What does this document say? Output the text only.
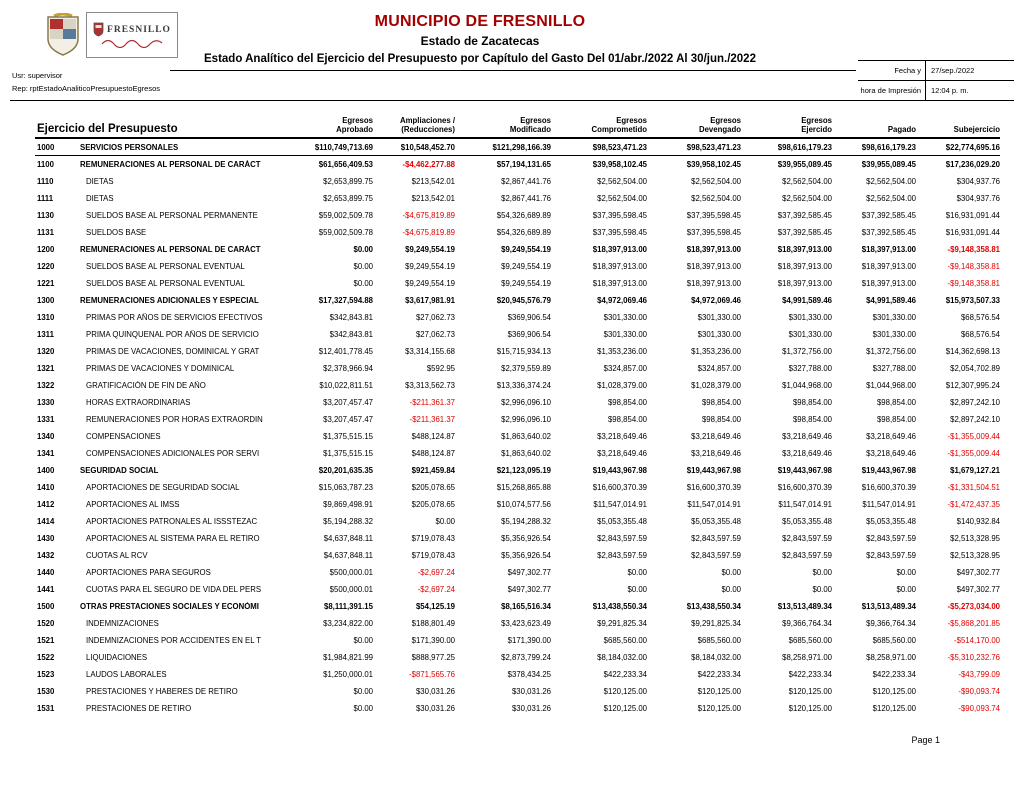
FRESNILLO	MUNICIPIO DE FRESNILLO
Estado de Zacatecas
Estado Analítico del Ejercicio del Presupuesto por Capítulo del Gasto Del 01/abr./2022 Al 30/jun./2022
Usr: supervisor
Rep: rptEstadoAnaliticoPresupuestoEgresos
Fecha y	27/sep./2022
hora de Impresión	12:04 p. m.
Ejercicio del Presupuesto
Egresos
Aprobado
Ampliaciones /
(Reducciones)
Egresos
Modificado
Egresos
Comprometido
Egresos
Devengado
Egresos
Ejercido	Pagado	Subejercicio
1000	SERVICIOS PERSONALES	$110,749,713.69	$10,548,452.70	$121,298,166.39	$98,523,471.23	$98,523,471.23	$98,616,179.23	$98,616,179.23	$22,774,695.16
1100	REMUNERACIONES AL PERSONAL DE CARÁCT	$61,656,409.53	-$4,462,277.88	$57,194,131.65	$39,958,102.45	$39,958,102.45	$39,955,089.45	$39,955,089.45	$17,236,029.20
1110	DIETAS	$2,653,899.75	$213,542.01	$2,867,441.76	$2,562,504.00	$2,562,504.00	$2,562,504.00	$2,562,504.00	$304,937.76
1111	DIETAS	$2,653,899.75	$213,542.01	$2,867,441.76	$2,562,504.00	$2,562,504.00	$2,562,504.00	$2,562,504.00	$304,937.76
1130	SUELDOS BASE AL PERSONAL PERMANENTE	$59,002,509.78	-$4,675,819.89	$54,326,689.89	$37,395,598.45	$37,395,598.45	$37,392,585.45	$37,392,585.45	$16,931,091.44
1131	SUELDOS BASE	$59,002,509.78	-$4,675,819.89	$54,326,689.89	$37,395,598.45	$37,395,598.45	$37,392,585.45	$37,392,585.45	$16,931,091.44
1200	REMUNERACIONES AL PERSONAL DE CARÁCT	$0.00	$9,249,554.19	$9,249,554.19	$18,397,913.00	$18,397,913.00	$18,397,913.00	$18,397,913.00	-$9,148,358.81
1220	SUELDOS BASE AL PERSONAL EVENTUAL	$0.00	$9,249,554.19	$9,249,554.19	$18,397,913.00	$18,397,913.00	$18,397,913.00	$18,397,913.00	-$9,148,358.81
1221	SUELDOS BASE AL PERSONAL EVENTUAL	$0.00	$9,249,554.19	$9,249,554.19	$18,397,913.00	$18,397,913.00	$18,397,913.00	$18,397,913.00	-$9,148,358.81
1300	REMUNERACIONES ADICIONALES Y ESPECIAL	$17,327,594.88	$3,617,981.91	$20,945,576.79	$4,972,069.46	$4,972,069.46	$4,991,589.46	$4,991,589.46	$15,973,507.33
1310	PRIMAS POR AÑOS DE SERVICIOS EFECTIVOS	$342,843.81	$27,062.73	$369,906.54	$301,330.00	$301,330.00	$301,330.00	$301,330.00	$68,576.54
1311	PRIMA QUINQUENAL POR AÑOS DE SERVICIO	$342,843.81	$27,062.73	$369,906.54	$301,330.00	$301,330.00	$301,330.00	$301,330.00	$68,576.54
1320	PRIMAS DE VACACIONES, DOMINICAL Y GRAT	$12,401,778.45	$3,314,155.68	$15,715,934.13	$1,353,236.00	$1,353,236.00	$1,372,756.00	$1,372,756.00	$14,362,698.13
1321	PRIMAS DE VACACIONES Y DOMINICAL	$2,378,966.94	$592.95	$2,379,559.89	$324,857.00	$324,857.00	$327,788.00	$327,788.00	$2,054,702.89
1322	GRATIFICACIÓN DE FIN DE AÑO	$10,022,811.51	$3,313,562.73	$13,336,374.24	$1,028,379.00	$1,028,379.00	$1,044,968.00	$1,044,968.00	$12,307,995.24
1330	HORAS EXTRAORDINARIAS	$3,207,457.47	-$211,361.37	$2,996,096.10	$98,854.00	$98,854.00	$98,854.00	$98,854.00	$2,897,242.10
1331	REMUNERACIONES POR HORAS EXTRAORDIN	$3,207,457.47	-$211,361.37	$2,996,096.10	$98,854.00	$98,854.00	$98,854.00	$98,854.00	$2,897,242.10
1340	COMPENSACIONES	$1,375,515.15	$488,124.87	$1,863,640.02	$3,218,649.46	$3,218,649.46	$3,218,649.46	$3,218,649.46	-$1,355,009.44
1341	COMPENSACIONES ADICIONALES POR SERVI	$1,375,515.15	$488,124.87	$1,863,640.02	$3,218,649.46	$3,218,649.46	$3,218,649.46	$3,218,649.46	-$1,355,009.44
1400	SEGURIDAD SOCIAL	$20,201,635.35	$921,459.84	$21,123,095.19	$19,443,967.98	$19,443,967.98	$19,443,967.98	$19,443,967.98	$1,679,127.21
1410	APORTACIONES DE SEGURIDAD SOCIAL	$15,063,787.23	$205,078.65	$15,268,865.88	$16,600,370.39	$16,600,370.39	$16,600,370.39	$16,600,370.39	-$1,331,504.51
1412	APORTACIONES AL IMSS	$9,869,498.91	$205,078.65	$10,074,577.56	$11,547,014.91	$11,547,014.91	$11,547,014.91	$11,547,014.91	-$1,472,437.35
1414	APORTACIONES PATRONALES AL ISSSTEZAC	$5,194,288.32	$0.00	$5,194,288.32	$5,053,355.48	$5,053,355.48	$5,053,355.48	$5,053,355.48	$140,932.84
1430	APORTACIONES AL SISTEMA PARA EL RETIRO	$4,637,848.11	$719,078.43	$5,356,926.54	$2,843,597.59	$2,843,597.59	$2,843,597.59	$2,843,597.59	$2,513,328.95
1432	CUOTAS AL RCV	$4,637,848.11	$719,078.43	$5,356,926.54	$2,843,597.59	$2,843,597.59	$2,843,597.59	$2,843,597.59	$2,513,328.95
1440	APORTACIONES PARA SEGUROS	$500,000.01	-$2,697.24	$497,302.77	$0.00	$0.00	$0.00	$0.00	$497,302.77
1441	CUOTAS PARA EL SEGURO DE VIDA DEL PERS	$500,000.01	-$2,697.24	$497,302.77	$0.00	$0.00	$0.00	$0.00	$497,302.77
1500	OTRAS PRESTACIONES SOCIALES Y ECONÓMI	$8,111,391.15	$54,125.19	$8,165,516.34	$13,438,550.34	$13,438,550.34	$13,513,489.34	$13,513,489.34	-$5,273,034.00
1520	INDEMNIZACIONES	$3,234,822.00	$188,801.49	$3,423,623.49	$9,291,825.34	$9,291,825.34	$9,366,764.34	$9,366,764.34	-$5,868,201.85
1521	INDEMNIZACIONES POR ACCIDENTES EN EL T	$0.00	$171,390.00	$171,390.00	$685,560.00	$685,560.00	$685,560.00	$685,560.00	-$514,170.00
1522	LIQUIDACIONES	$1,984,821.99	$888,977.25	$2,873,799.24	$8,184,032.00	$8,184,032.00	$8,258,971.00	$8,258,971.00	-$5,310,232.76
1523	LAUDOS LABORALES	$1,250,000.01	-$871,565.76	$378,434.25	$422,233.34	$422,233.34	$422,233.34	$422,233.34	-$43,799.09
1530	PRESTACIONES Y HABERES DE RETIRO	$0.00	$30,031.26	$30,031.26	$120,125.00	$120,125.00	$120,125.00	$120,125.00	-$90,093.74
1531	PRESTACIONES DE RETIRO	$0.00	$30,031.26	$30,031.26	$120,125.00	$120,125.00	$120,125.00	$120,125.00	-$90,093.74
Page 1
